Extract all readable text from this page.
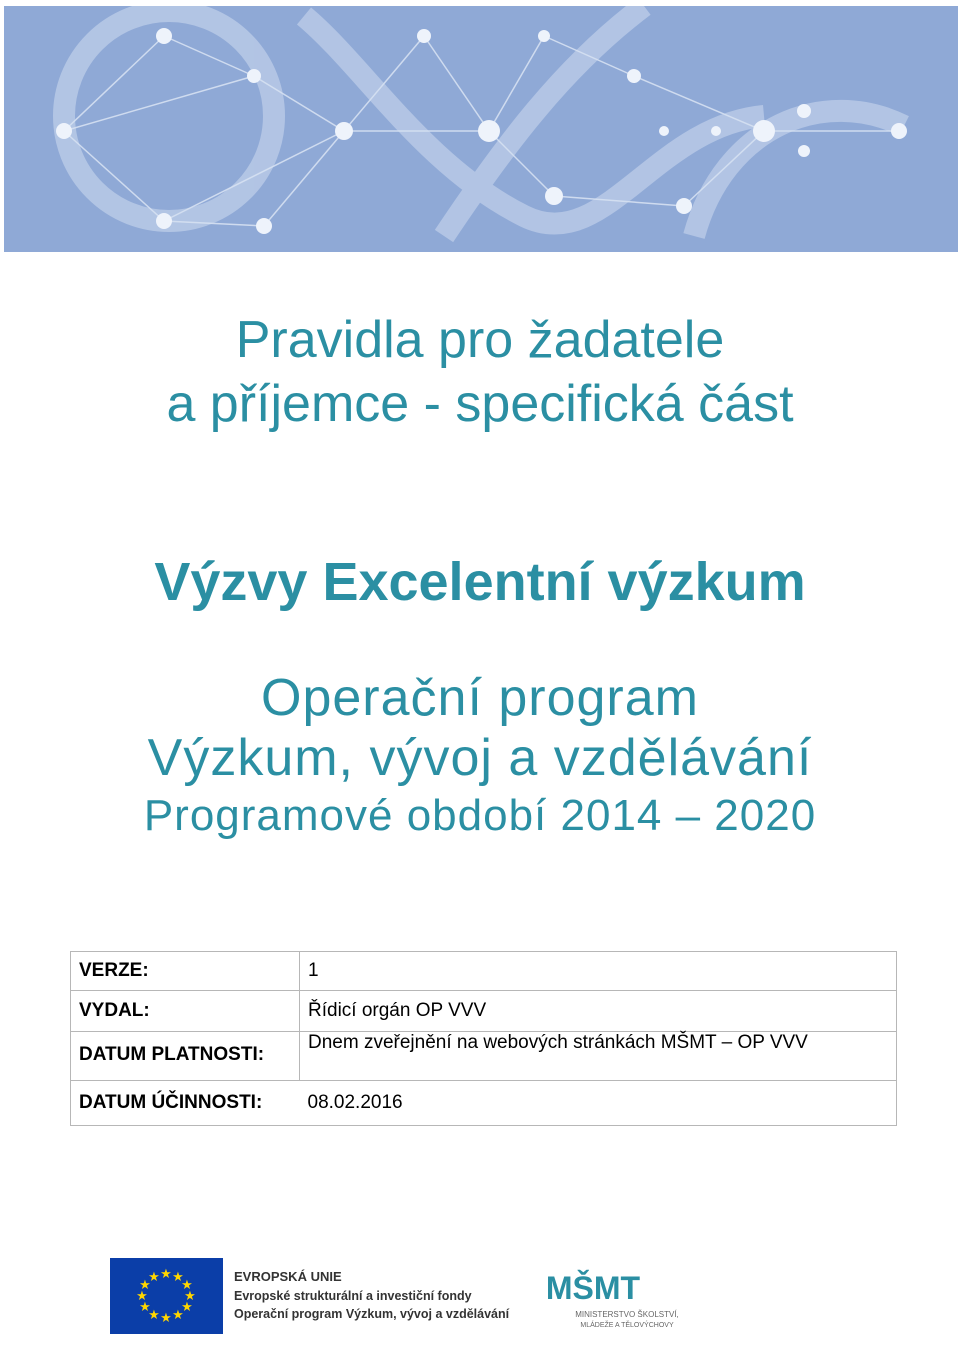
Pravidla pro žadatele
a příjemce - specifická část
Výzvy Excelentní výzkum
Operační program
Výzkum, vývoj a vzdělávání
Programové období 2014 – 2020
VERZE:	1
VYDAL:	Řídicí orgán OP VVV

DATUM PLATNOSTI:	Dnem zveřejnění na webových stránkách MŠMT – OP VVV

DATUM ÚČINNOSTI:	08.02.2016
★ ★
★
★
★
★
★
★
★
★
★
★	EVROPSKÁ UNIE
Evropské strukturální a investiční fondy
Operační program Výzkum, vývoj a vzdělávání
MŠMT
MINISTERSTVO ŠKOLSTVÍ,
MLÁDEŽE A TĚLOVÝCHOVY
